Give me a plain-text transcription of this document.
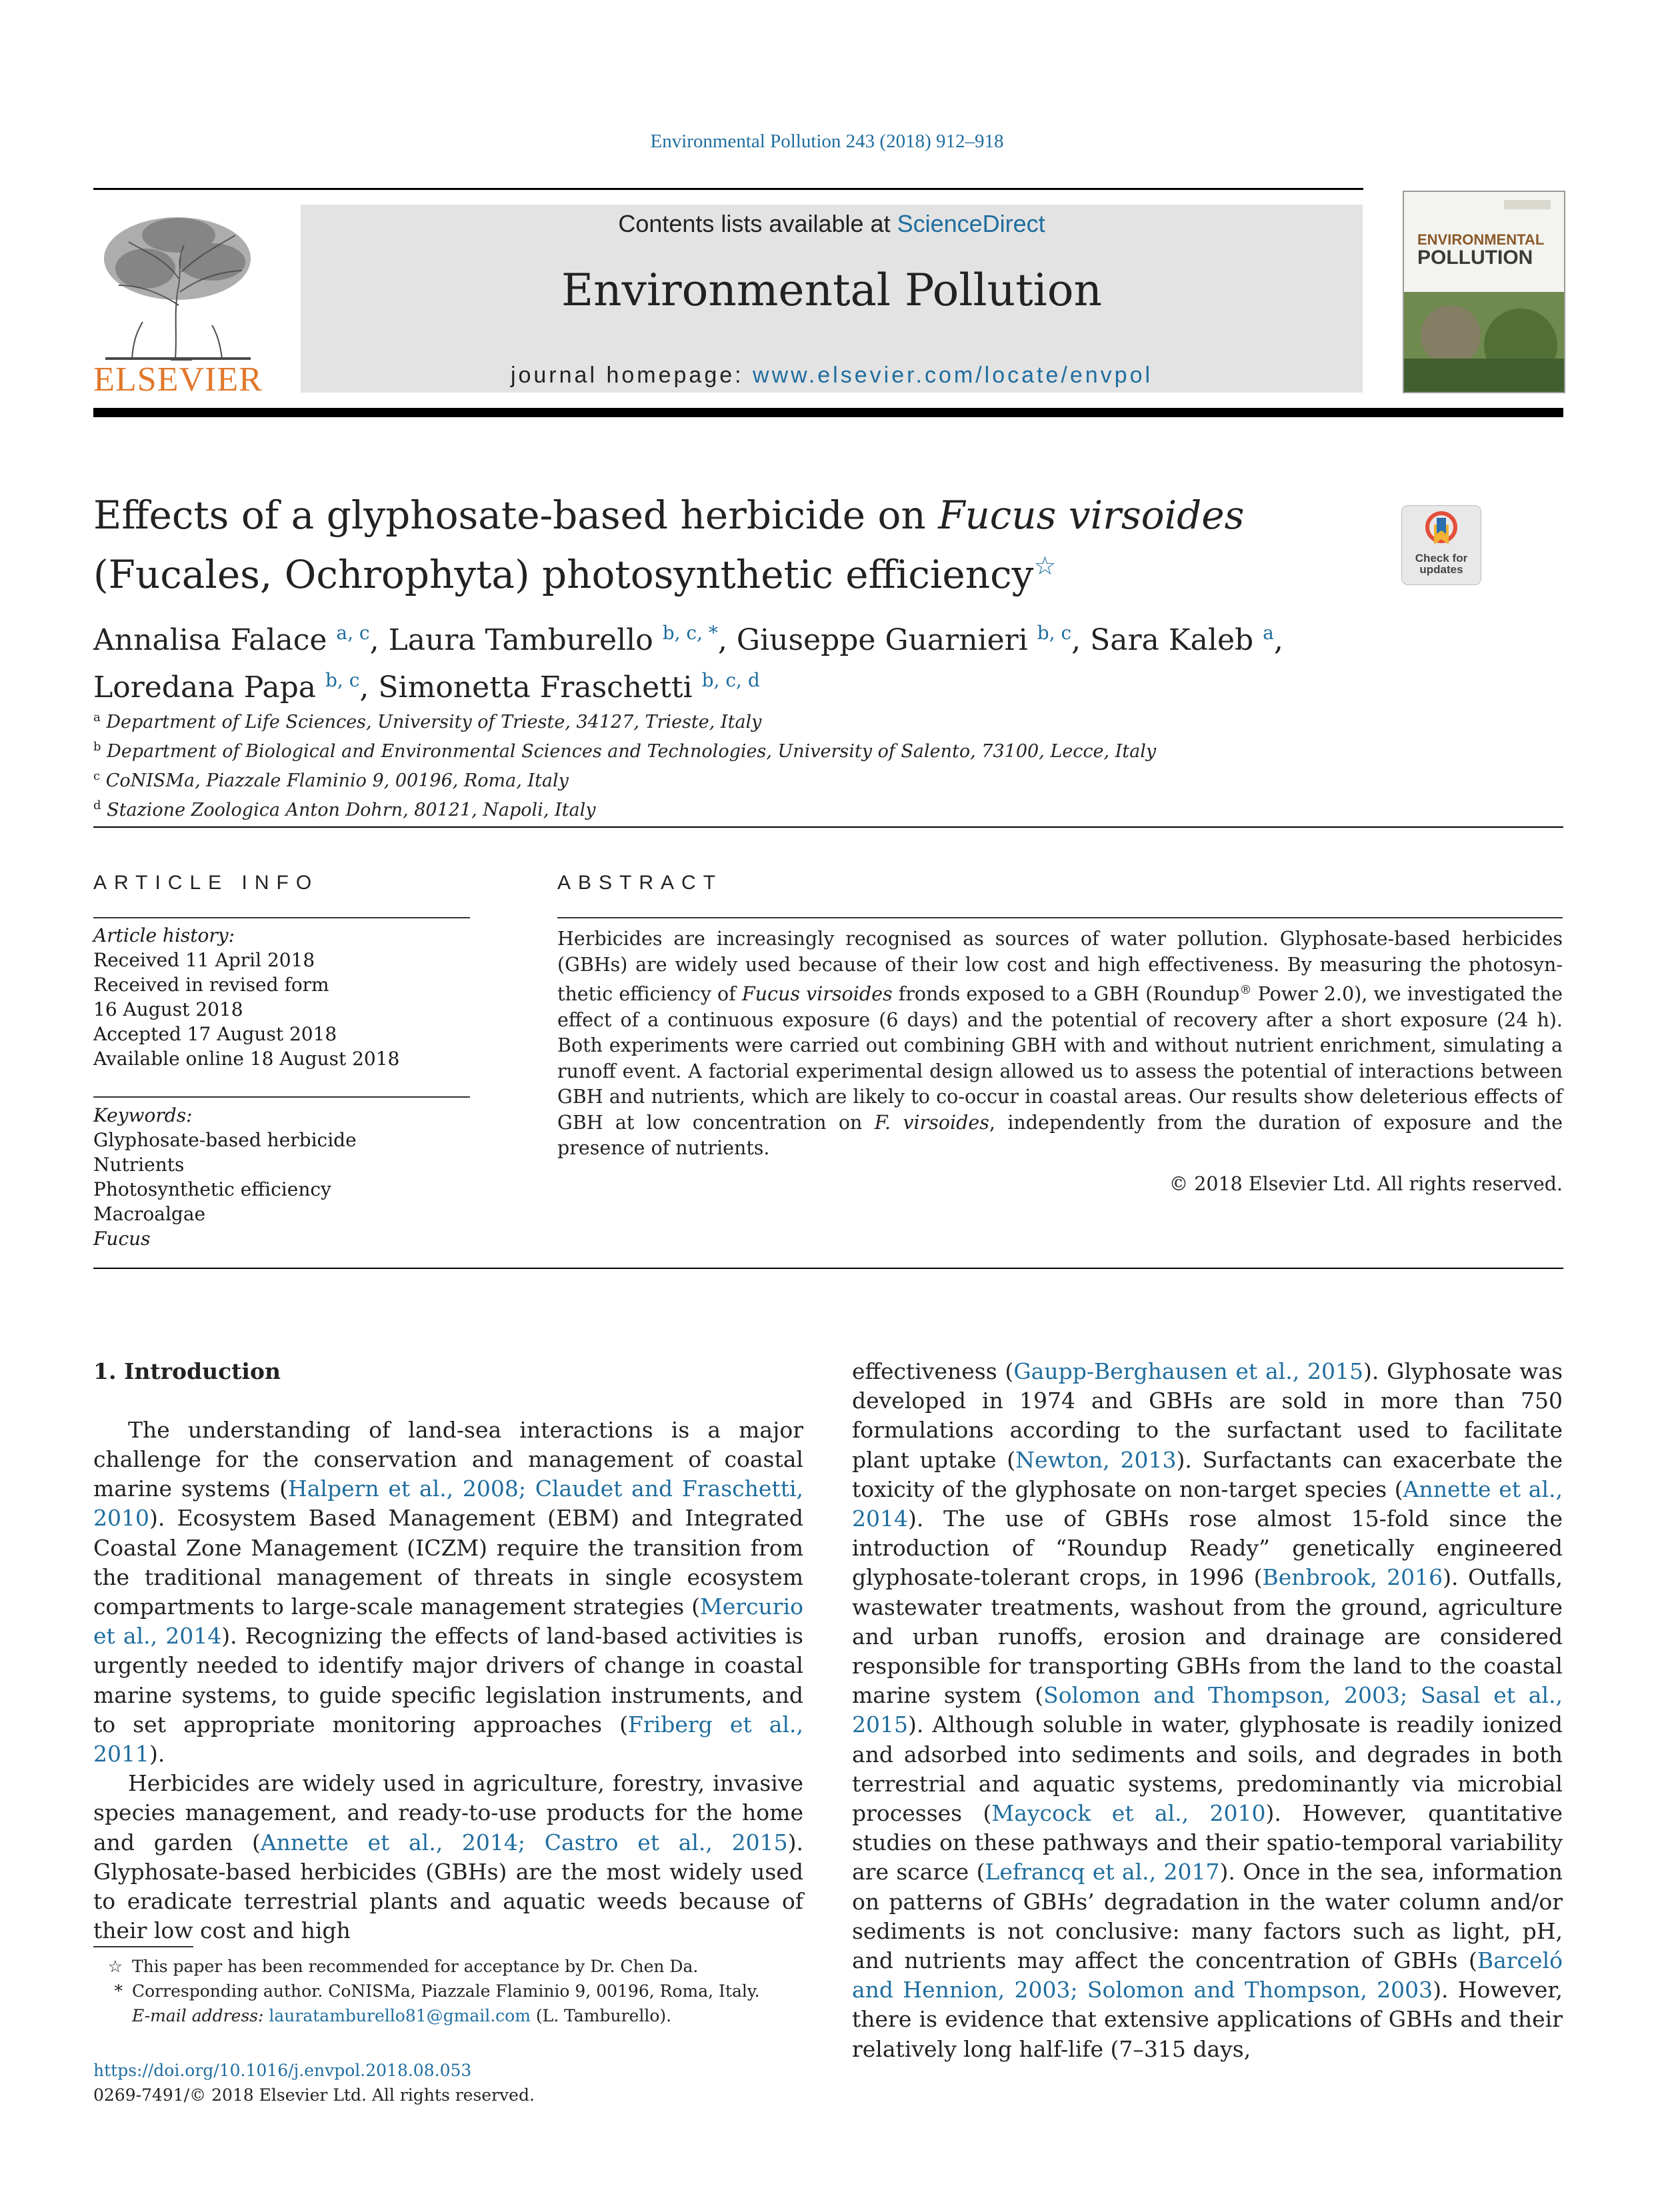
Environmental Pollution 243 (2018) 912–918
ELSEVIER
Contents lists available at ScienceDirect
Environmental Pollution
journal homepage: www.elsevier.com/locate/envpol
ENVIRONMENTAL
POLLUTION
Effects of a glyphosate-based herbicide on Fucus virsoides (Fucales, Ochrophyta) photosynthetic efficiency☆	Check for
updates
Annalisa Falace $^{a, c}$, Laura Tamburello $^{b, c, *}$, Giuseppe Guarnieri $^{b, c}$, Sara Kaleb $^a$,
Loredana Papa $^{b, c}$, Simonetta Fraschetti $^{b, c, d}$
$^a$ Department of Life Sciences, University of Trieste, 34127, Trieste, Italy
$^b$ Department of Biological and Environmental Sciences and Technologies, University of Salento, 73100, Lecce, Italy
$^c$ CoNISMa, Piazzale Flaminio 9, 00196, Roma, Italy
$^d$ Stazione Zoologica Anton Dohrn, 80121, Napoli, Italy
ARTICLE INFO
Article history:
Received 11 April 2018
Received in revised form
16 August 2018
Accepted 17 August 2018
Available online 18 August 2018
Keywords:
Glyphosate-based herbicide
Nutrients
Photosynthetic efficiency
Macroalgae
Fucus
ABSTRACT
Herbicides are increasingly recognised as sources of water pollution. Glyphosate-based herbicides (GBHs) are widely used because of their low cost and high effectiveness. By measuring the photosynthetic efficiency of Fucus virsoides fronds exposed to a GBH (Roundup® Power 2.0), we investigated the effect of a continuous exposure (6 days) and the potential of recovery after a short exposure (24 h). Both experiments were carried out combining GBH with and without nutrient enrichment, simulating a runoff event. A factorial experimental design allowed us to assess the potential of interactions between GBH and nutrients, which are likely to co-occur in coastal areas. Our results show deleterious effects of GBH at low concentration on F. virsoides, independently from the duration of exposure and the presence of nutrients.
© 2018 Elsevier Ltd. All rights reserved.
1. Introduction

The understanding of land-sea interactions is a major challenge for the conservation and management of coastal marine systems (Halpern et al., 2008; Claudet and Fraschetti, 2010). Ecosystem Based Management (EBM) and Integrated Coastal Zone Management (ICZM) require the transition from the traditional management of threats in single ecosystem compartments to large-scale management strategies (Mercurio et al., 2014). Recognizing the effects of land-based activities is urgently needed to identify major drivers of change in coastal marine systems, to guide specific legislation instruments, and to set appropriate monitoring approaches (Friberg et al., 2011).

Herbicides are widely used in agriculture, forestry, invasive species management, and ready-to-use products for the home and garden (Annette et al., 2014; Castro et al., 2015). Glyphosate-based herbicides (GBHs) are the most widely used to eradicate terrestrial plants and aquatic weeds because of their low cost and high

effectiveness (Gaupp-Berghausen et al., 2015). Glyphosate was developed in 1974 and GBHs are sold in more than 750 formulations according to the surfactant used to facilitate plant uptake (Newton, 2013). Surfactants can exacerbate the toxicity of the glyphosate on non-target species (Annette et al., 2014). The use of GBHs rose almost 15-fold since the introduction of “Roundup Ready” genetically engineered glyphosate-tolerant crops, in 1996 (Benbrook, 2016). Outfalls, wastewater treatments, washout from the ground, agriculture and urban runoffs, erosion and drainage are considered responsible for transporting GBHs from the land to the coastal marine system (Solomon and Thompson, 2003; Sasal et al., 2015). Although soluble in water, glyphosate is readily ionized and adsorbed into sediments and soils, and degrades in both terrestrial and aquatic systems, predominantly via microbial processes (Maycock et al., 2010). However, quantitative studies on these pathways and their spatio-temporal variability are scarce (Lefrancq et al., 2017). Once in the sea, information on patterns of GBHs’ degradation in the water column and/or sediments is not conclusive: many factors such as light, pH, and nutrients may affect the concentration of GBHs (Barceló and Hennion, 2003; Solomon and Thompson, 2003). However, there is evidence that extensive applications of GBHs and their relatively long half-life (7–315 days,

☆ This paper has been recommended for acceptance by Dr. Chen Da.
* Corresponding author. CoNISMa, Piazzale Flaminio 9, 00196, Roma, Italy.
E-mail address: lauratamburello81@gmail.com (L. Tamburello).
https://doi.org/10.1016/j.envpol.2018.08.053
0269-7491/© 2018 Elsevier Ltd. All rights reserved.
